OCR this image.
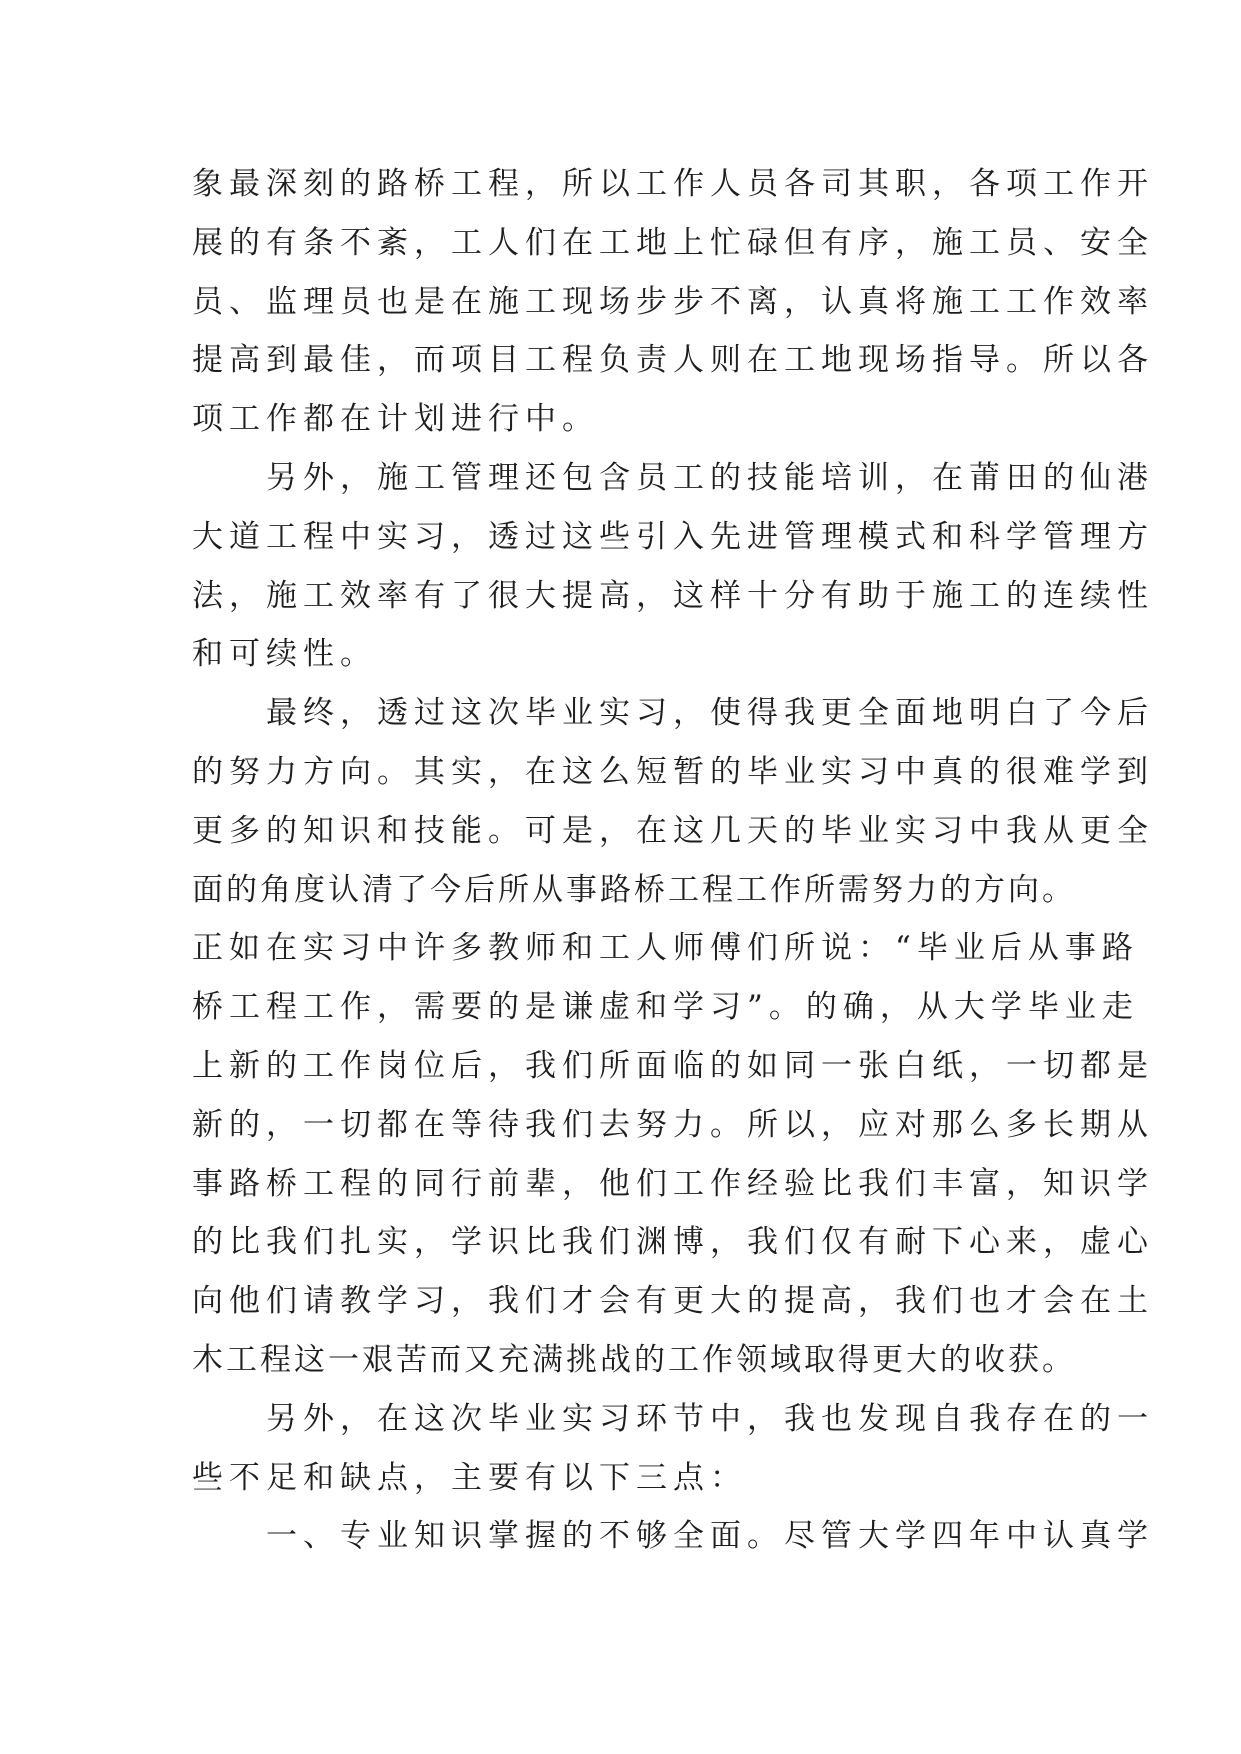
象最深刻的路桥工程，所以工作人员各司其职，各项工作开
展的有条不紊，工人们在工地上忙碌但有序，施工员、安全
员、监理员也是在施工现场步步不离，认真将施工工作效率
提高到最佳，而项目工程负责人则在工地现场指导。所以各
项工作都在计划进行中。
　　另外，施工管理还包含员工的技能培训，在莆田的仙港
大道工程中实习，透过这些引入先进管理模式和科学管理方
法，施工效率有了很大提高，这样十分有助于施工的连续性
和可续性。
　　最终，透过这次毕业实习，使得我更全面地明白了今后
的努力方向。其实，在这么短暂的毕业实习中真的很难学到
更多的知识和技能。可是，在这几天的毕业实习中我从更全
面的角度认清了今后所从事路桥工程工作所需努力的方向。
正如在实习中许多教师和工人师傅们所说：“毕业后从事路
桥工程工作，需要的是谦虚和学习”。的确，从大学毕业走
上新的工作岗位后，我们所面临的如同一张白纸，一切都是
新的，一切都在等待我们去努力。所以，应对那么多长期从
事路桥工程的同行前辈，他们工作经验比我们丰富，知识学
的比我们扎实，学识比我们渊博，我们仅有耐下心来，虚心
向他们请教学习，我们才会有更大的提高，我们也才会在土
木工程这一艰苦而又充满挑战的工作领域取得更大的收获。
　　另外，在这次毕业实习环节中，我也发现自我存在的一
些不足和缺点，主要有以下三点：
　　一、专业知识掌握的不够全面。尽管大学四年中认真学
